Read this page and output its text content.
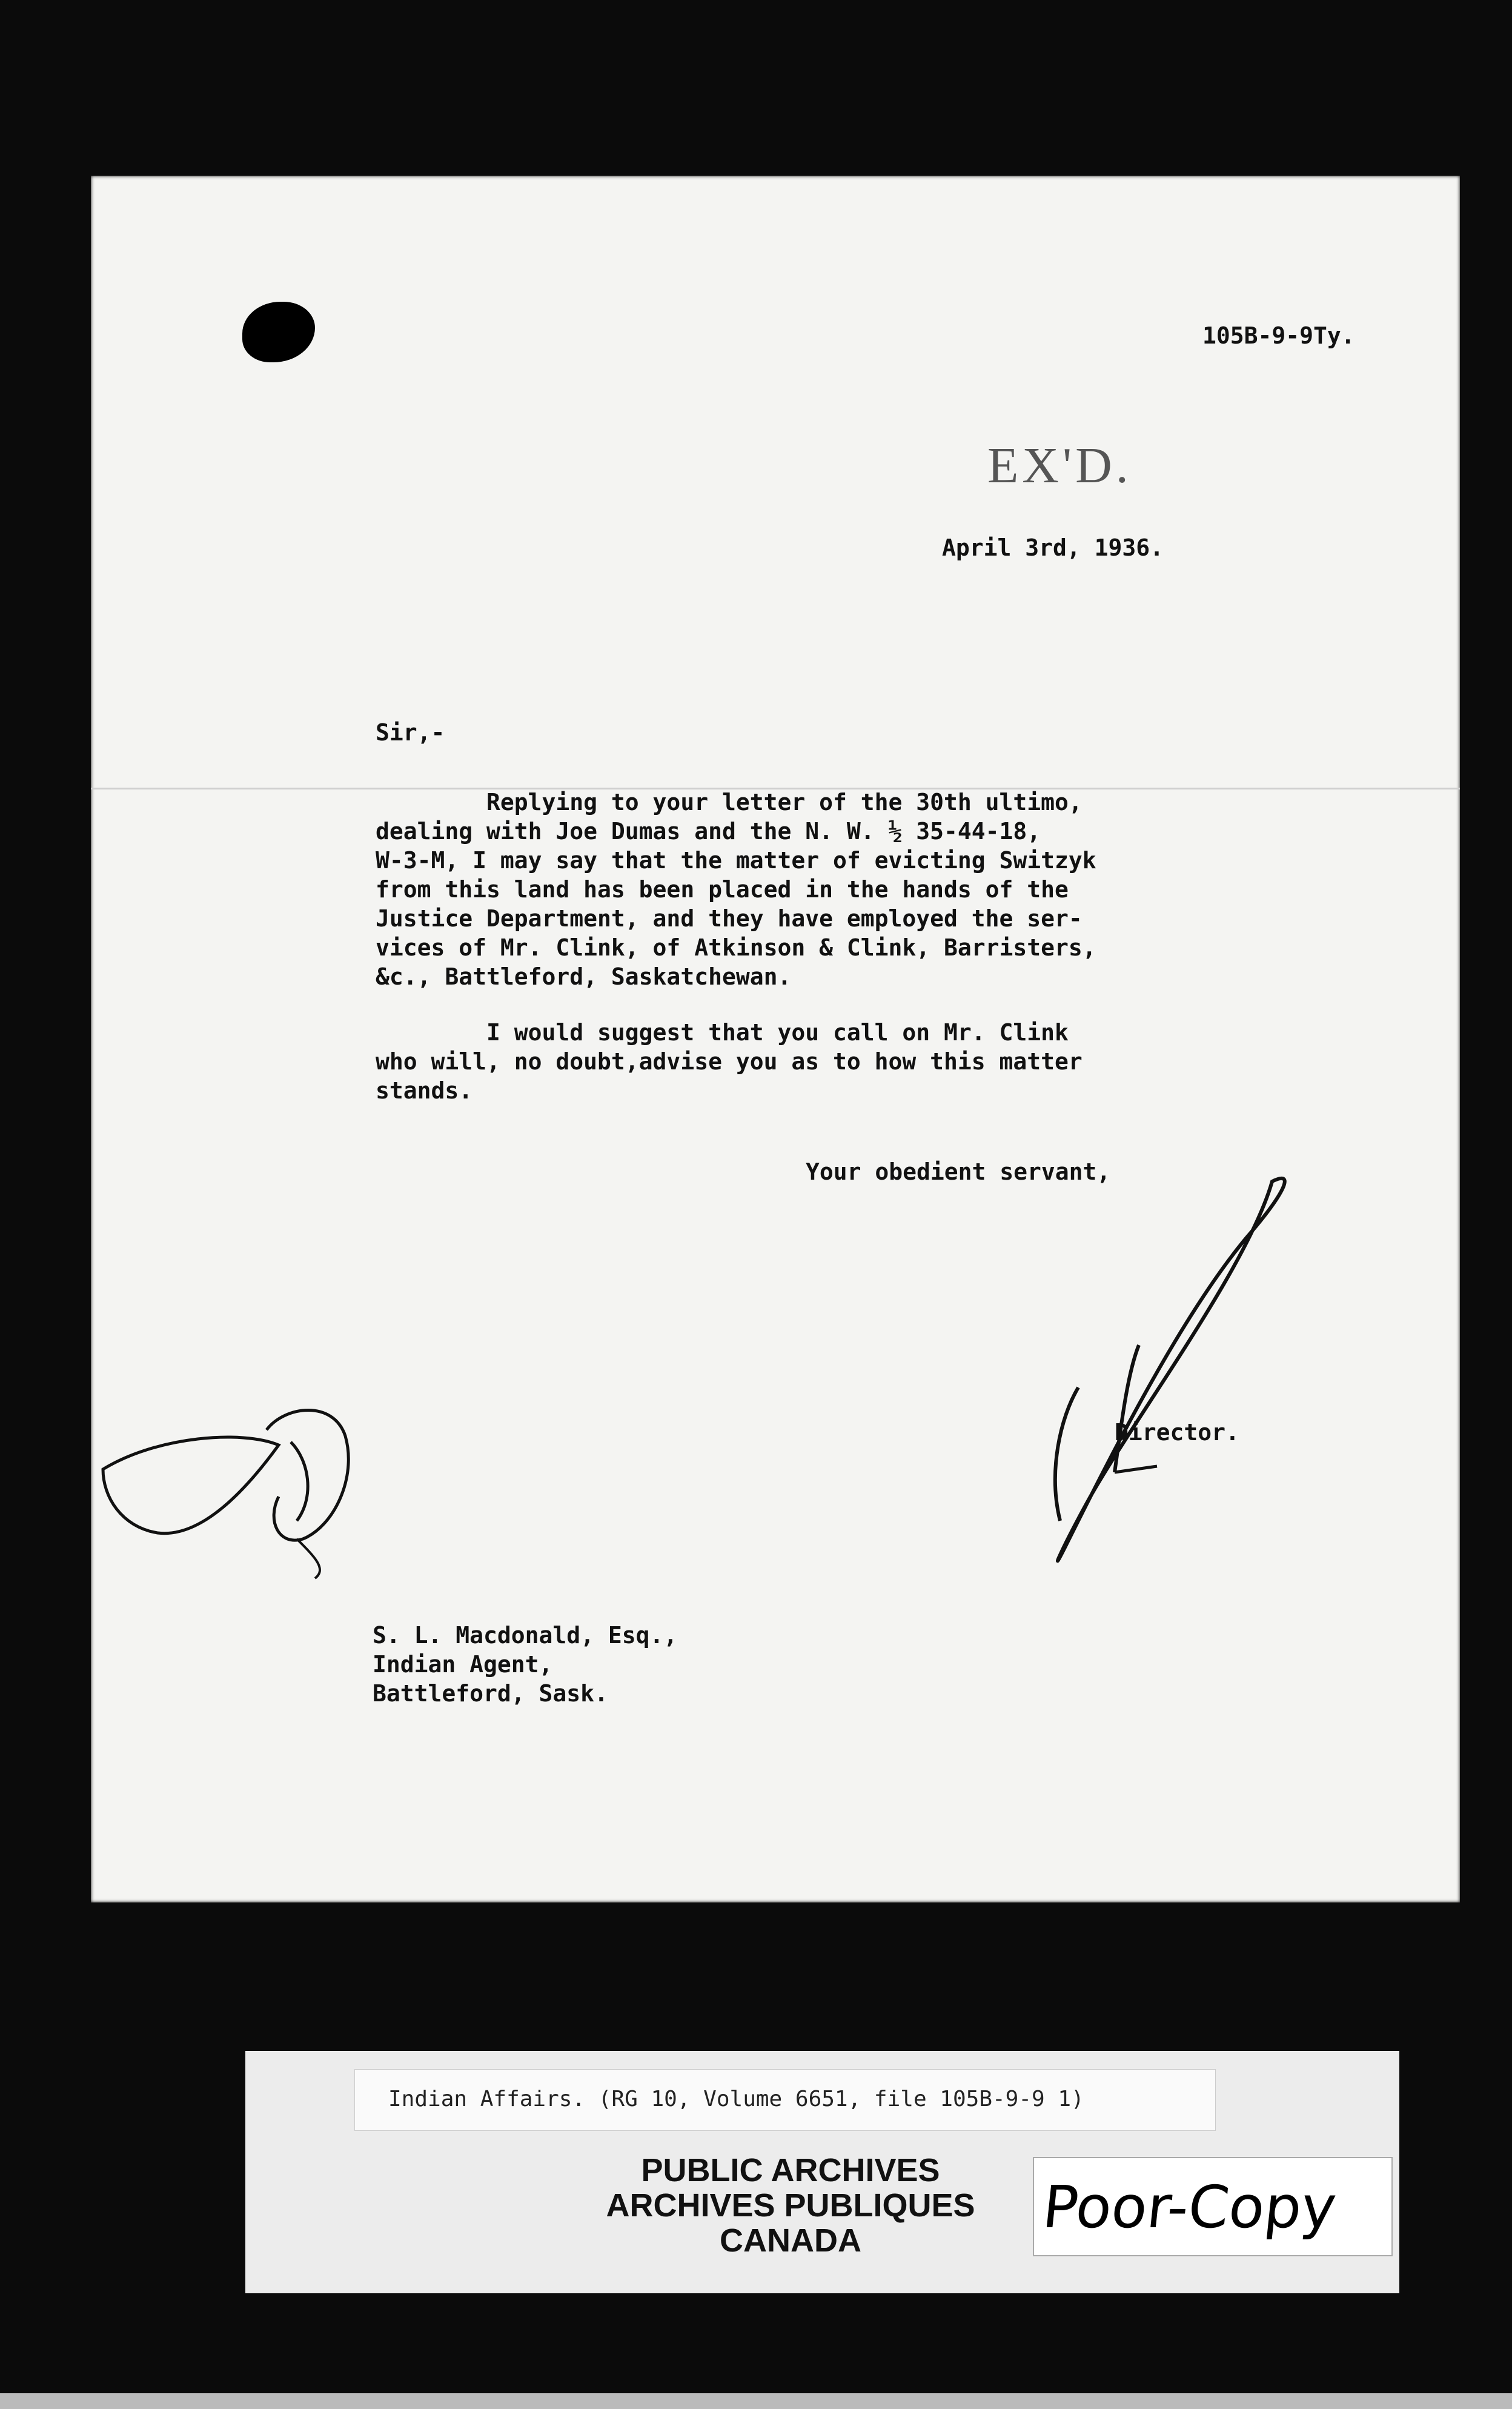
105B-9-9Ty.
EX'D.
April 3rd, 1936.
Sir,-
Replying to your letter of the 30th ultimo,
dealing with Joe Dumas and the N. W. ½ 35-44-18,
W-3-M, I may say that the matter of evicting Switzyk
from this land has been placed in the hands of the
Justice Department, and they have employed the ser-
vices of Mr. Clink, of Atkinson & Clink, Barristers,
&c., Battleford, Saskatchewan.
I would suggest that you call on Mr. Clink
who will, no doubt,advise you as to how this matter
stands.
Your obedient servant,
Director.
S. L. Macdonald, Esq.,
Indian Agent,
Battleford, Sask.
Indian Affairs. (RG 10, Volume 6651, file 105B-9-9 1)
PUBLIC ARCHIVES
ARCHIVES PUBLIQUES
CANADA	Poor-Copy
